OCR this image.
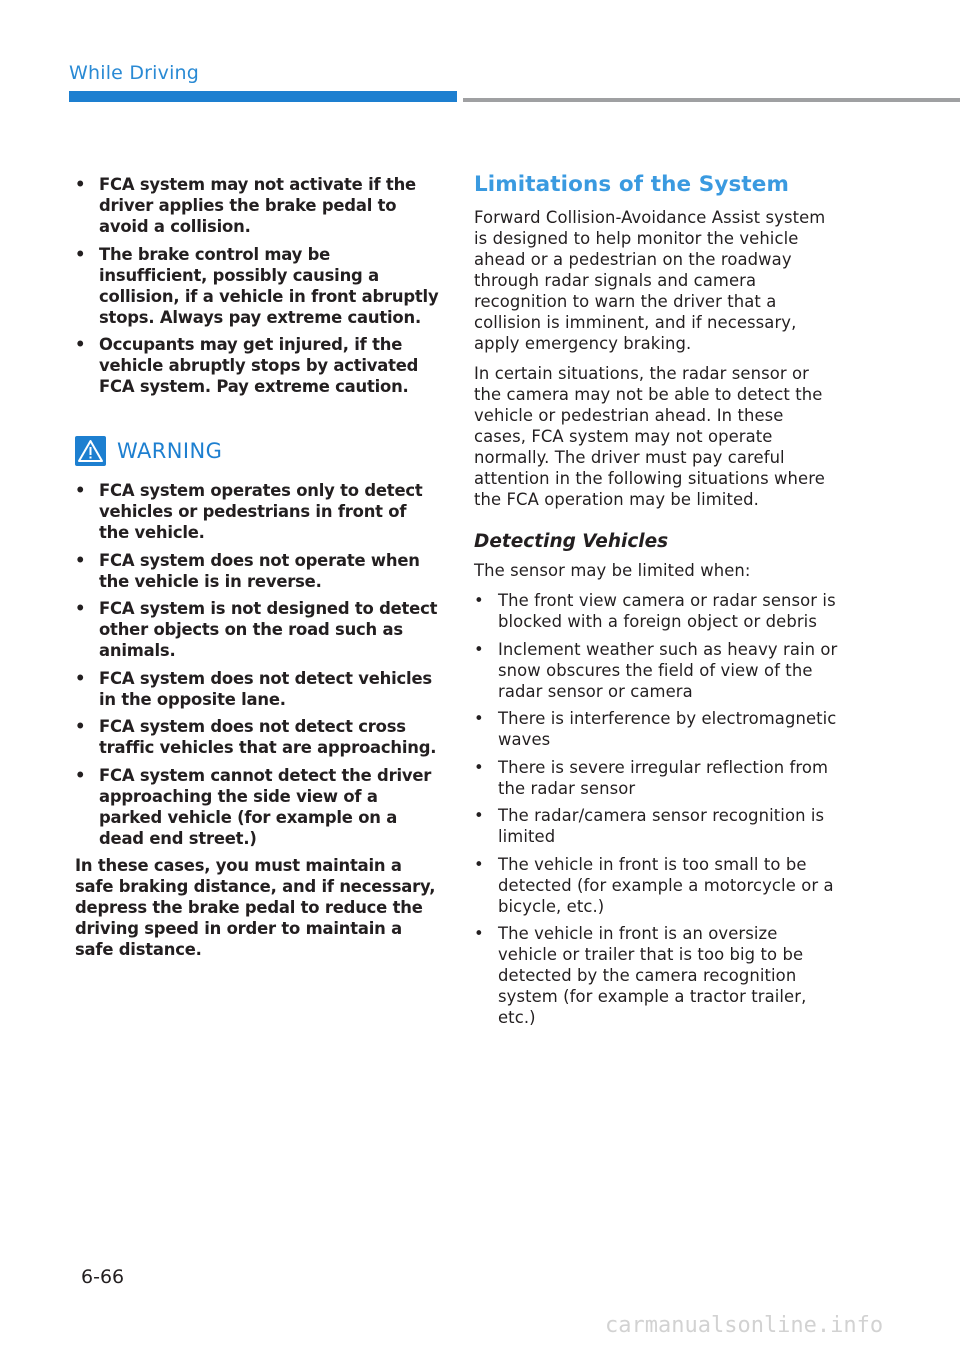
While Driving
• FCA system may not activate if the driver applies the brake pedal to avoid a collision.
• The brake control may be insufficient, possibly causing a collision, if a vehicle in front abruptly stops. Always pay extreme caution.
• Occupants may get injured, if the vehicle abruptly stops by activated FCA system. Pay extreme caution.
WARNING
• FCA system operates only to detect vehicles or pedestrians in front of the vehicle.
• FCA system does not operate when the vehicle is in reverse.
• FCA system is not designed to detect other objects on the road such as animals.
• FCA system does not detect vehicles in the opposite lane.
• FCA system does not detect cross traffic vehicles that are approaching.
• FCA system cannot detect the driver approaching the side view of a parked vehicle (for example on a dead end street.)

In these cases, you must maintain a safe braking distance, and if necessary, depress the brake pedal to reduce the driving speed in order to maintain a safe distance.

Limitations of the System

Forward Collision-Avoidance Assist system is designed to help monitor the vehicle ahead or a pedestrian on the roadway through radar signals and camera recognition to warn the driver that a collision is imminent, and if necessary, apply emergency braking.

In certain situations, the radar sensor or the camera may not be able to detect the vehicle or pedestrian ahead. In these cases, FCA system may not operate normally. The driver must pay careful attention in the following situations where the FCA operation may be limited.

Detecting Vehicles

The sensor may be limited when:

• The front view camera or radar sensor is blocked with a foreign object or debris
• Inclement weather such as heavy rain or snow obscures the field of view of the radar sensor or camera
• There is interference by electromagnetic waves
• There is severe irregular reflection from the radar sensor
• The radar/camera sensor recognition is limited
• The vehicle in front is too small to be detected (for example a motorcycle or a bicycle, etc.)
• The vehicle in front is an oversize vehicle or trailer that is too big to be detected by the camera recognition system (for example a tractor trailer, etc.)
6-66
carmanualsonline.info
